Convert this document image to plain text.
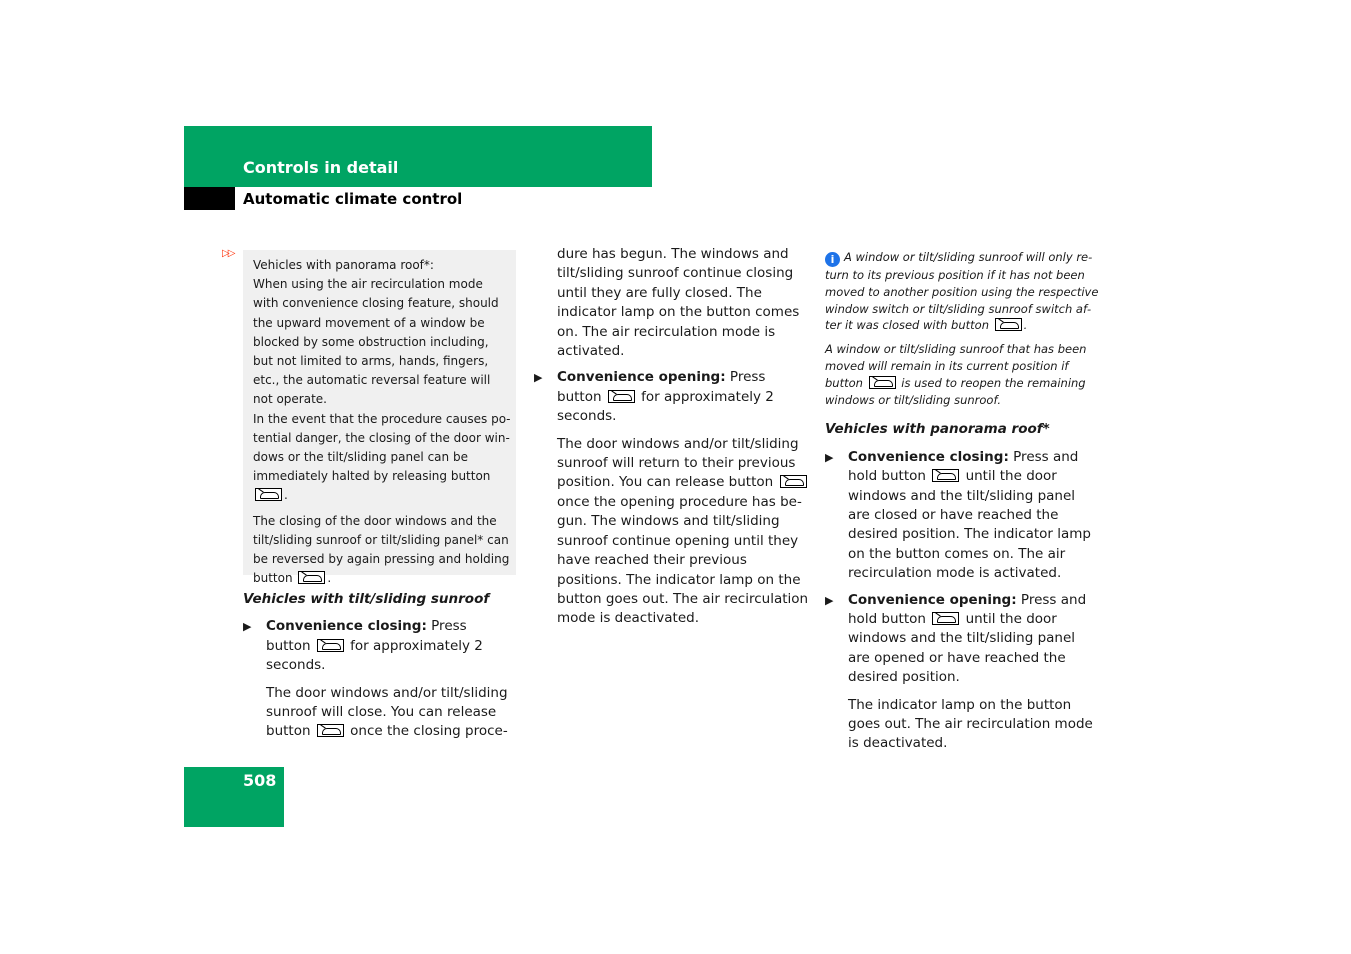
Controls in detail
Automatic climate control
▷▷

Vehicles with panorama roof*:

When using the air recirculation mode with convenience closing feature, should the upward movement of a window be blocked by some obstruction including, but not limited to arms, hands, fingers, etc., the automatic reversal feature will not operate.

In the event that the procedure causes potential danger, the closing of the door windows or the tilt/sliding panel can be immediately halted by releasing button .

The closing of the door windows and the tilt/sliding sunroof or tilt/sliding panel* can be reversed by again pressing and holding button	.

Vehicles with tilt/sliding sunroof

▶ Convenience closing: Press button	for approximately 2 seconds.

The door windows and/or tilt/sliding sunroof will close. You can release button	once the closing proce-

dure has begun. The windows and tilt/sliding sunroof continue closing until they are fully closed. The indicator lamp on the button comes on. The air recirculation mode is activated.

▶ Convenience opening: Press button	for approximately 2 seconds.

The door windows and/or tilt/sliding sunroof will return to their previous position. You can release button  once the opening procedure has begun. The windows and tilt/sliding sunroof continue opening until they have reached their previous positions. The indicator lamp on the button goes out. The air recirculation mode is deactivated.

i A window or tilt/sliding sunroof will only return to its previous position if it has not been moved to another position using the respective window switch or tilt/sliding sunroof switch after it was closed with button	.

A window or tilt/sliding sunroof that has been moved will remain in its current position if button	is used to reopen the remaining windows or tilt/sliding sunroof.

Vehicles with panorama roof*

▶ Convenience closing: Press and hold button	until the door windows and the tilt/sliding panel are closed or have reached the desired position. The indicator lamp on the button comes on. The air recirculation mode is activated.

▶ Convenience opening: Press and hold button	until the door windows and the tilt/sliding panel are opened or have reached the desired position.

The indicator lamp on the button goes out. The air recirculation mode is deactivated.

508
